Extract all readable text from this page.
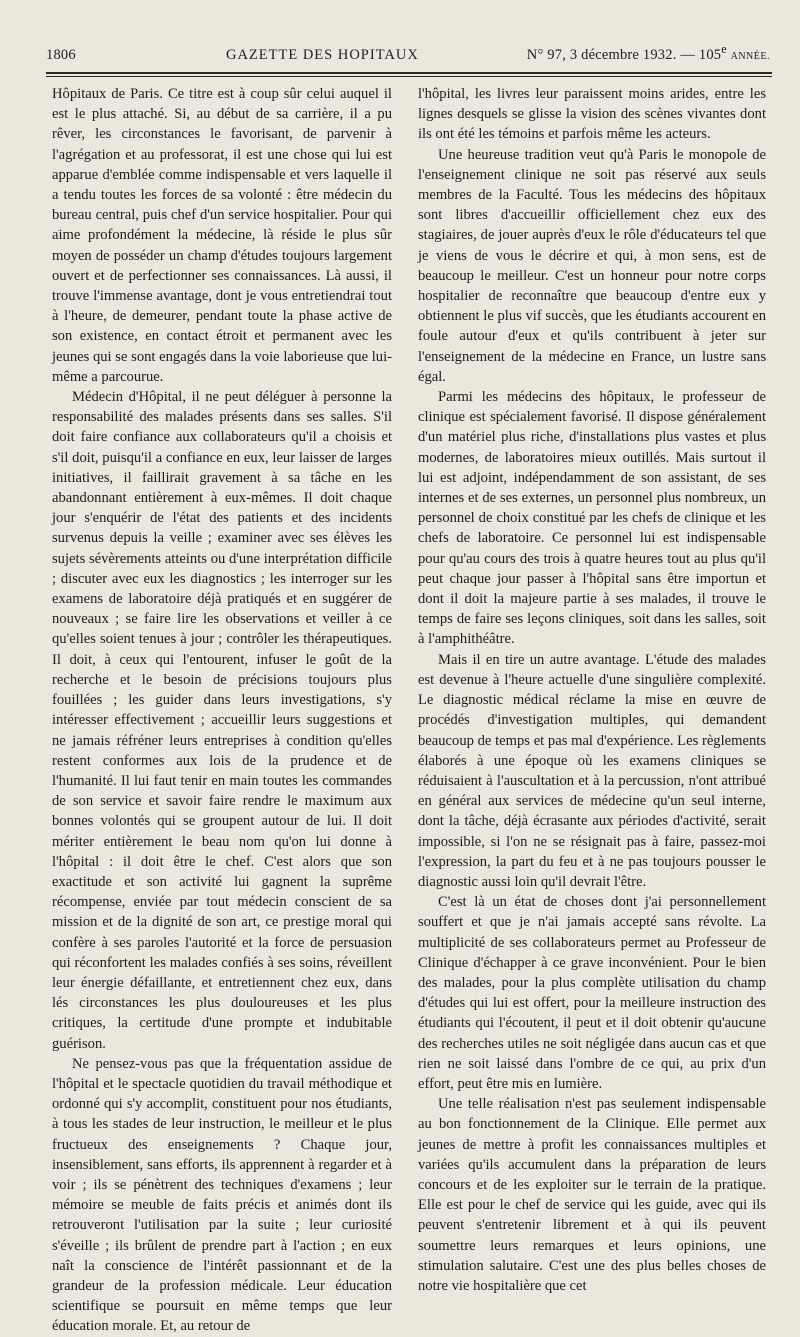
1806	GAZETTE DES HOPITAUX	N° 97, 3 décembre 1932. — 105e ANNÉE.

Hôpitaux de Paris. Ce titre est à coup sûr celui auquel il est le plus attaché. Si, au début de sa carrière, il a pu rêver, les circonstances le favorisant, de parvenir à l'agrégation et au professorat, il est une chose qui lui est apparue d'emblée comme indispensable et vers laquelle il a tendu toutes les forces de sa volonté : être médecin du bureau central, puis chef d'un service hospitalier. Pour qui aime profondément la médecine, là réside le plus sûr moyen de posséder un champ d'études toujours largement ouvert et de perfectionner ses connaissances. Là aussi, il trouve l'immense avantage, dont je vous entretiendrai tout à l'heure, de demeurer, pendant toute la phase active de son existence, en contact étroit et permanent avec les jeunes qui se sont engagés dans la voie laborieuse que lui-même a parcourue.

Médecin d'Hôpital, il ne peut déléguer à personne la responsabilité des malades présents dans ses salles. S'il doit faire confiance aux collaborateurs qu'il a choisis et s'il doit, puisqu'il a confiance en eux, leur laisser de larges initiatives, il faillirait gravement à sa tâche en les abandonnant entièrement à eux-mêmes. Il doit chaque jour s'enquérir de l'état des patients et des incidents survenus depuis la veille ; examiner avec ses élèves les sujets sévèrements atteints ou d'une interprétation difficile ; discuter avec eux les diagnostics ; les interroger sur les examens de laboratoire déjà pratiqués et en suggérer de nouveaux ; se faire lire les observations et veiller à ce qu'elles soient tenues à jour ; contrôler les thérapeutiques. Il doit, à ceux qui l'entourent, infuser le goût de la recherche et le besoin de précisions toujours plus fouillées ; les guider dans leurs investigations, s'y intéresser effectivement ; accueillir leurs suggestions et ne jamais réfréner leurs entreprises à condition qu'elles restent conformes aux lois de la prudence et de l'humanité. Il lui faut tenir en main toutes les commandes de son service et savoir faire rendre le maximum aux bonnes volontés qui se groupent autour de lui. Il doit mériter entièrement le beau nom qu'on lui donne à l'hôpital : il doit être le chef. C'est alors que son exactitude et son activité lui gagnent la suprême récompense, enviée par tout médecin conscient de sa mission et de la dignité de son art, ce prestige moral qui confère à ses paroles l'autorité et la force de persuasion qui réconfortent les malades confiés à ses soins, réveillent leur énergie défaillante, et entretiennent chez eux, dans lés circonstances les plus douloureuses et les plus critiques, la certitude d'une prompte et indubitable guérison.

Ne pensez-vous pas que la fréquentation assidue de l'hôpital et le spectacle quotidien du travail méthodique et ordonné qui s'y accomplit, constituent pour nos étudiants, à tous les stades de leur instruction, le meilleur et le plus fructueux des enseignements ? Chaque jour, insensiblement, sans efforts, ils apprennent à regarder et à voir ; ils se pénètrent des techniques d'examens ; leur mémoire se meuble de faits précis et animés dont ils retrouveront l'utilisation par la suite ; leur curiosité s'éveille ; ils brûlent de prendre part à l'action ; en eux naît la conscience de l'intérêt passionnant et de la grandeur de la profession médicale. Leur éducation scientifique se poursuit en même temps que leur éducation morale. Et, au retour de

l'hôpital, les livres leur paraissent moins arides, entre les lignes desquels se glisse la vision des scènes vivantes dont ils ont été les témoins et parfois même les acteurs.

Une heureuse tradition veut qu'à Paris le monopole de l'enseignement clinique ne soit pas réservé aux seuls membres de la Faculté. Tous les médecins des hôpitaux sont libres d'accueillir officiellement chez eux des stagiaires, de jouer auprès d'eux le rôle d'éducateurs tel que je viens de vous le décrire et qui, à mon sens, est de beaucoup le meilleur. C'est un honneur pour notre corps hospitalier de reconnaître que beaucoup d'entre eux y obtiennent le plus vif succès, que les étudiants accourent en foule autour d'eux et qu'ils contribuent à jeter sur l'enseignement de la médecine en France, un lustre sans égal.

Parmi les médecins des hôpitaux, le professeur de clinique est spécialement favorisé. Il dispose généralement d'un matériel plus riche, d'installations plus vastes et plus modernes, de laboratoires mieux outillés. Mais surtout il lui est adjoint, indépendamment de son assistant, de ses internes et de ses externes, un personnel plus nombreux, un personnel de choix constitué par les chefs de clinique et les chefs de laboratoire. Ce personnel lui est indispensable pour qu'au cours des trois à quatre heures tout au plus qu'il peut chaque jour passer à l'hôpital sans être importun et dont il doit la majeure partie à ses malades, il trouve le temps de faire ses leçons cliniques, soit dans les salles, soit à l'amphithéâtre.

Mais il en tire un autre avantage. L'étude des malades est devenue à l'heure actuelle d'une singulière complexité. Le diagnostic médical réclame la mise en œuvre de procédés d'investigation multiples, qui demandent beaucoup de temps et pas mal d'expérience. Les règlements élaborés à une époque où les examens cliniques se réduisaient à l'auscultation et à la percussion, n'ont attribué en général aux services de médecine qu'un seul interne, dont la tâche, déjà écrasante aux périodes d'activité, serait impossible, si l'on ne se résignait pas à faire, passez-moi l'expression, la part du feu et à ne pas toujours pousser le diagnostic aussi loin qu'il devrait l'être.

C'est là un état de choses dont j'ai personnellement souffert et que je n'ai jamais accepté sans révolte. La multiplicité de ses collaborateurs permet au Professeur de Clinique d'échapper à ce grave inconvénient. Pour le bien des malades, pour la plus complète utilisation du champ d'études qui lui est offert, pour la meilleure instruction des étudiants qui l'écoutent, il peut et il doit obtenir qu'aucune des recherches utiles ne soit négligée dans aucun cas et que rien ne soit laissé dans l'ombre de ce qui, au prix d'un effort, peut être mis en lumière.

Une telle réalisation n'est pas seulement indispensable au bon fonctionnement de la Clinique. Elle permet aux jeunes de mettre à profit les connaissances multiples et variées qu'ils accumulent dans la préparation de leurs concours et de les exploiter sur le terrain de la pratique. Elle est pour le chef de service qui les guide, avec qui ils peuvent s'entretenir librement et à qui ils peuvent soumettre leurs remarques et leurs opinions, une stimulation salutaire. C'est une des plus belles choses de notre vie hospitalière que cet
